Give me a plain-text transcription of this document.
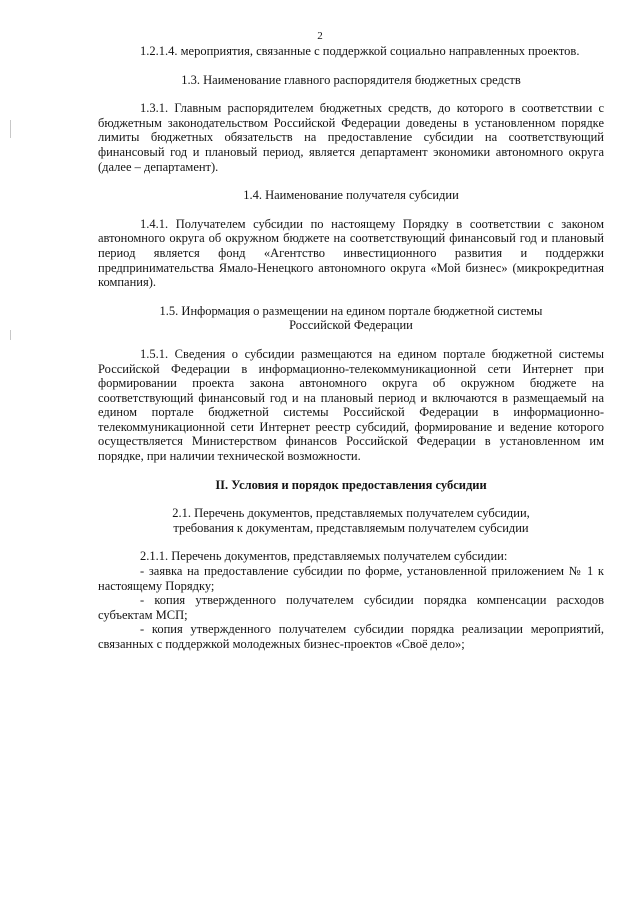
2

1.2.1.4. мероприятия, связанные с поддержкой социально направленных проектов.

1.3. Наименование главного распорядителя бюджетных средств

1.3.1. Главным распорядителем бюджетных средств, до которого в соответствии с бюджетным законодательством Российской Федерации доведены в установленном порядке лимиты бюджетных обязательств на предоставление субсидии на соответствующий финансовый год и плановый период, является департамент экономики автономного округа (далее – департамент).

1.4. Наименование получателя субсидии

1.4.1. Получателем субсидии по настоящему Порядку в соответствии с законом автономного округа об окружном бюджете на соответствующий финансовый год и плановый период является фонд «Агентство инвестиционного развития и поддержки предпринимательства Ямало-Ненецкого автономного округа «Мой бизнес» (микрокредитная компания).

1.5. Информация о размещении на едином портале бюджетной системы
Российской Федерации

1.5.1. Сведения о субсидии размещаются на едином портале бюджетной системы Российской Федерации в информационно-телекоммуникационной сети Интернет при формировании проекта закона автономного округа об окружном бюджете на соответствующий финансовый год и на плановый период и включаются в размещаемый на едином портале бюджетной системы Российской Федерации в информационно-телекоммуникационной сети Интернет реестр субсидий, формирование и ведение которого осуществляется Министерством финансов Российской Федерации в установленном им порядке, при наличии технической возможности.

II. Условия и порядок предоставления субсидии

2.1. Перечень документов, представляемых получателем субсидии,
требования к документам, представляемым получателем субсидии

2.1.1. Перечень документов, представляемых получателем субсидии:

- заявка на предоставление субсидии по форме, установленной приложением № 1 к настоящему Порядку;

- копия утвержденного получателем субсидии порядка компенсации расходов субъектам МСП;

- копия утвержденного получателем субсидии порядка реализации мероприятий, связанных с поддержкой молодежных бизнес-проектов «Своё дело»;
